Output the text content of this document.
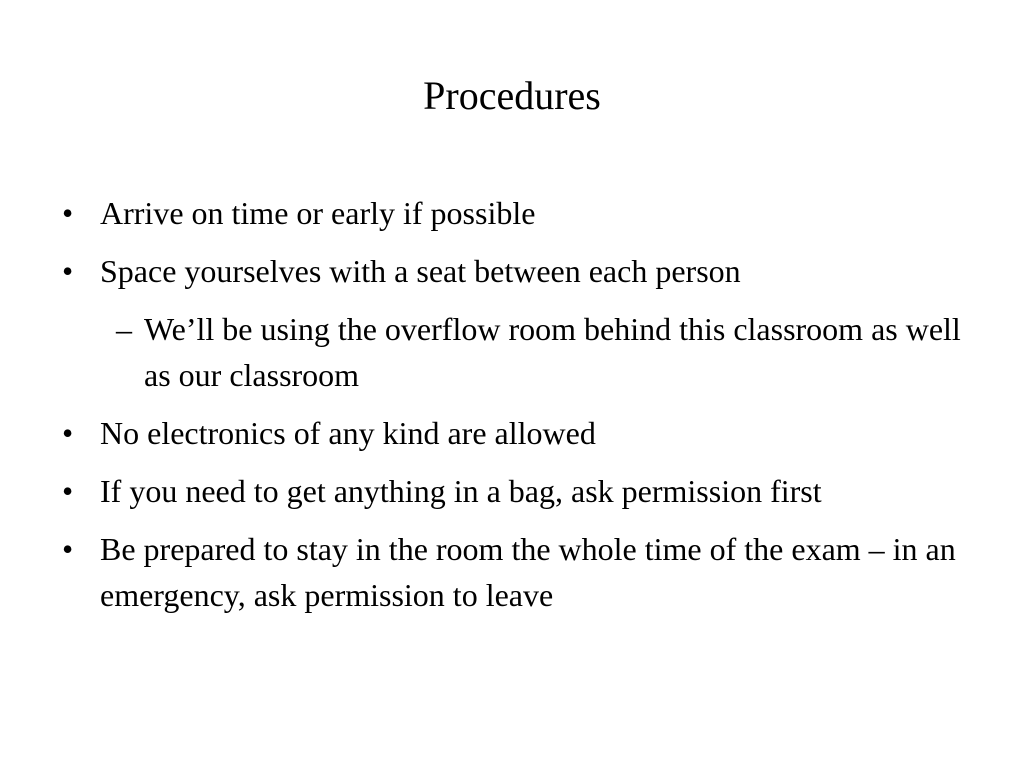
Procedures
• Arrive on time or early if possible
• Space yourselves with a seat between each person
– We’ll be using the overflow room behind this classroom as well as our classroom
• No electronics of any kind are allowed
• If you need to get anything in a bag, ask permission first
• Be prepared to stay in the room the whole time of the exam – in an emergency, ask permission to leave
